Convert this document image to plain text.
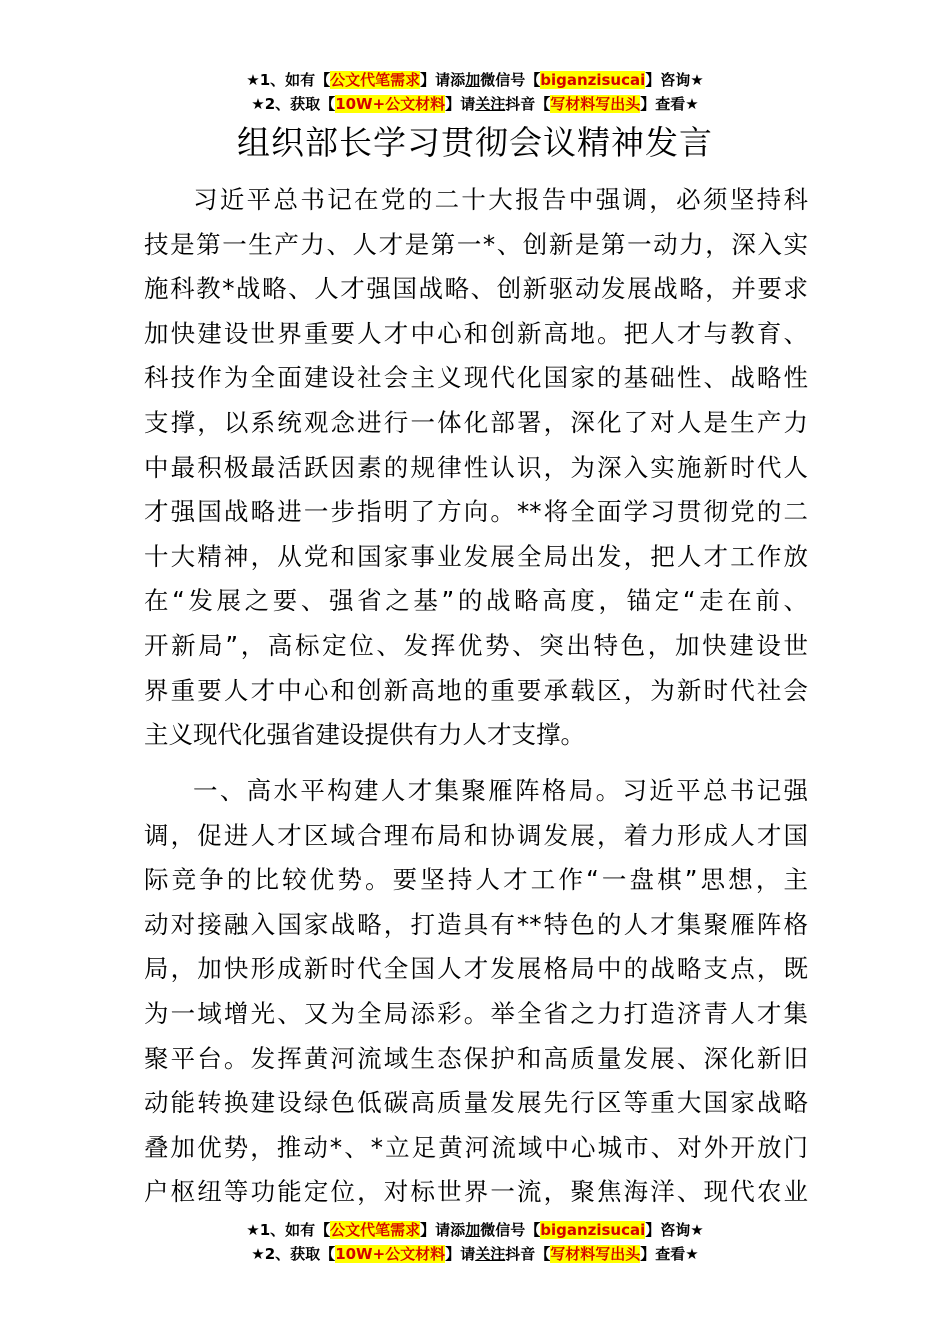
★1、如有【公文代笔需求】请添加微信号【biganzisucai】咨询★
★2、获取【10W+公文材料】请关注抖音【写材料写出头】查看★
组织部长学习贯彻会议精神发言
习近平总书记在党的二十大报告中强调，必须坚持科
技是第一生产力、人才是第一*、创新是第一动力，深入实
施科教*战略、人才强国战略、创新驱动发展战略，并要求
加快建设世界重要人才中心和创新高地。把人才与教育、
科技作为全面建设社会主义现代化国家的基础性、战略性
支撑，以系统观念进行一体化部署，深化了对人是生产力
中最积极最活跃因素的规律性认识，为深入实施新时代人
才强国战略进一步指明了方向。**将全面学习贯彻党的二
十大精神，从党和国家事业发展全局出发，把人才工作放
在“发展之要、强省之基”的战略高度，锚定“走在前、
开新局”，高标定位、发挥优势、突出特色，加快建设世
界重要人才中心和创新高地的重要承载区，为新时代社会
主义现代化强省建设提供有力人才支撑。
一、高水平构建人才集聚雁阵格局。习近平总书记强
调，促进人才区域合理布局和协调发展，着力形成人才国
际竞争的比较优势。要坚持人才工作“一盘棋”思想，主
动对接融入国家战略，打造具有**特色的人才集聚雁阵格
局，加快形成新时代全国人才发展格局中的战略支点，既
为一域增光、又为全局添彩。举全省之力打造济青人才集
聚平台。发挥黄河流域生态保护和高质量发展、深化新旧
动能转换建设绿色低碳高质量发展先行区等重大国家战略
叠加优势，推动*、*立足黄河流域中心城市、对外开放门
户枢纽等功能定位，对标世界一流，聚焦海洋、现代农业
★1、如有【公文代笔需求】请添加微信号【biganzisucai】咨询★
★2、获取【10W+公文材料】请关注抖音【写材料写出头】查看★
